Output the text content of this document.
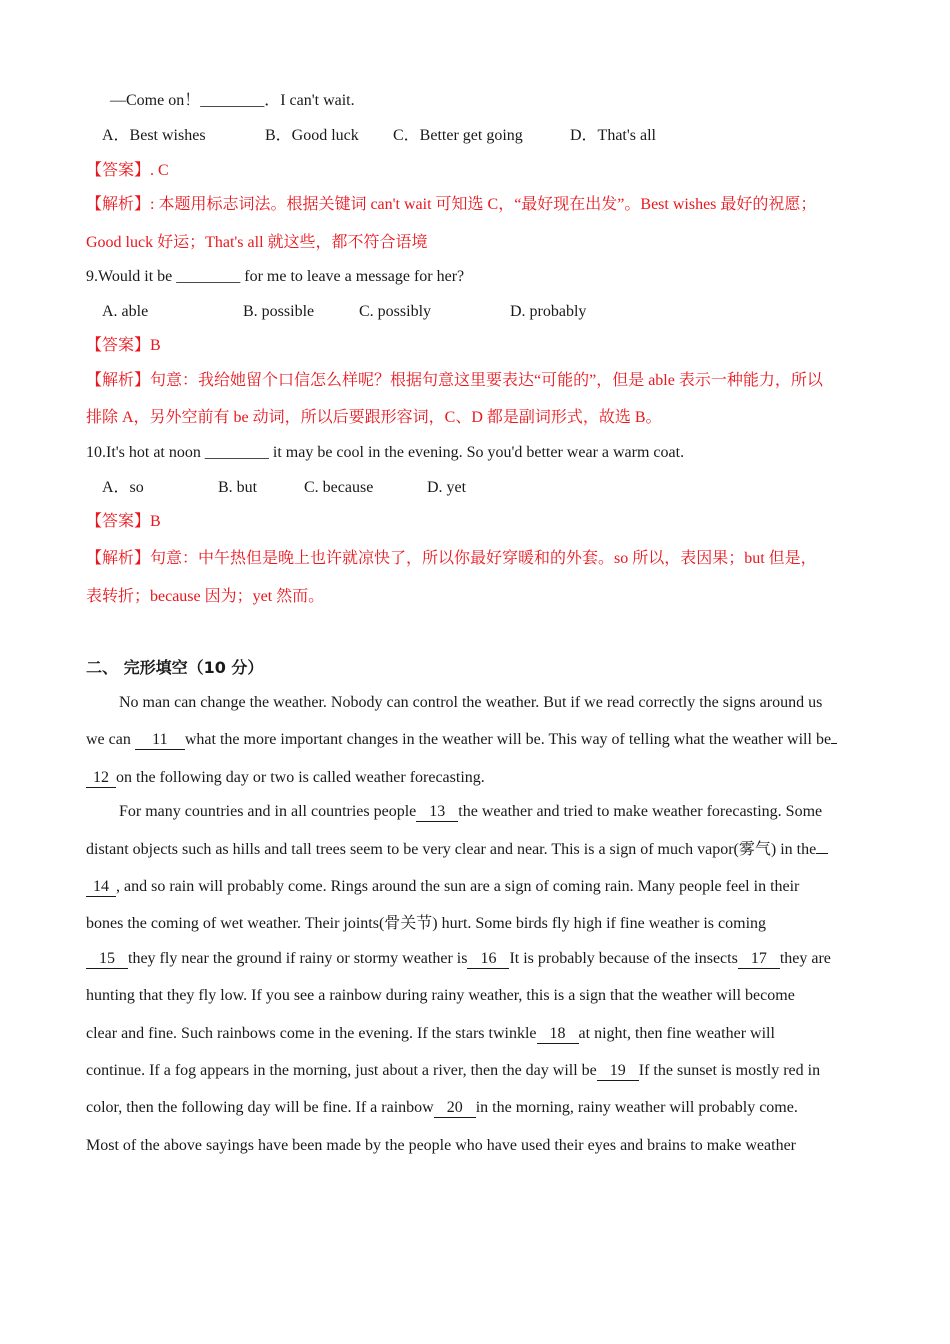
—Come on！________．I can't wait.
A．Best wishes	B．Good luck C．Better get going	D．That's all
【答案】. C
【解析】: 本题用标志词法。根据关键词 can't wait 可知选 C，“最好现在出发”。Best wishes 最好的祝愿；
Good luck 好运；That's all 就这些，都不符合语境
9.Would it be ________ for me to leave a message for her?
A. able	B. possible	C. possibly	D. probably
【答案】B
【解析】句意：我给她留个口信怎么样呢？根据句意这里要表达“可能的”，但是 able 表示一种能力，所以
排除 A，另外空前有 be 动词，所以后要跟形容词，C、D 都是副词形式，故选 B。
10.It's hot at noon ________ it may be cool in the evening. So you'd better wear a warm coat.
A．so	B. but	C. because	D. yet
【答案】B
【解析】句意：中午热但是晚上也许就凉快了，所以你最好穿暖和的外套。so 所以，表因果；but 但是，
表转折；because 因为；yet 然而。
二、 完形填空（10 分）
No man can change the weather. Nobody can control the weather. But if we read correctly the signs around us
we can 11 what the more important changes in the weather will be. This way of telling what the weather will be
12 on the following day or two is called weather forecasting.
For many countries and in all countries people 13 the weather and tried to make weather forecasting. Some
distant objects such as hills and tall trees seem to be very clear and near. This is a sign of much vapor(雾气) in the
14 , and so rain will probably come. Rings around the sun are a sign of coming rain. Many people feel in their
bones the coming of wet weather. Their joints(骨关节) hurt. Some birds fly high if fine weather is coming
15 they fly near the ground if rainy or stormy weather is 16 It is probably because of the insects 17 they are
hunting that they fly low. If you see a rainbow during rainy weather, this is a sign that the weather will become
clear and fine. Such rainbows come in the evening. If the stars twinkle 18 at night, then fine weather will
continue. If a fog appears in the morning, just about a river, then the day will be 19 If the sunset is mostly red in
color, then the following day will be fine. If a rainbow 20 in the morning, rainy weather will probably come.
Most of the above sayings have been made by the people who have used their eyes and brains to make weather
